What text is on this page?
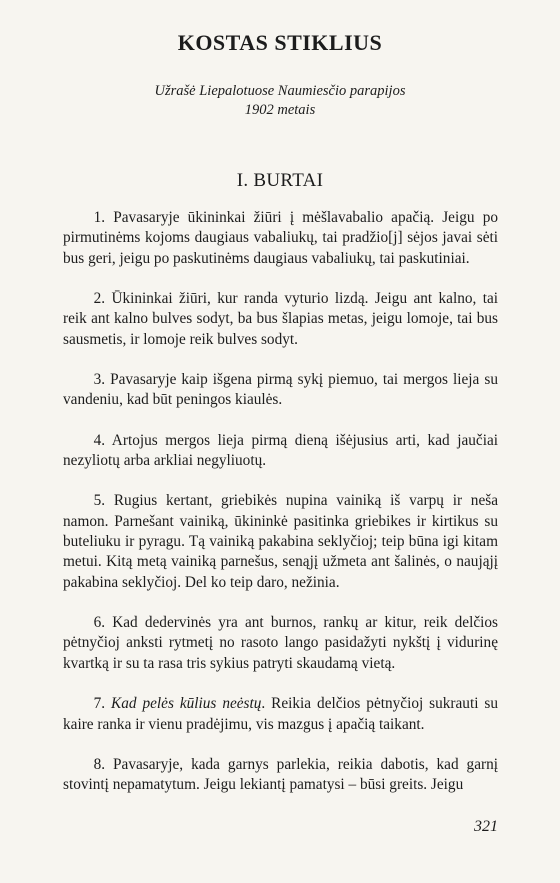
KOSTAS STIKLIUS
Užrašė Liepalotuose Naumiesčio parapijos
1902 metais
I. BURTAI

1. Pavasaryje ūkininkai žiūri į mėšlavabalio apačią. Jeigu po pirmutinėms kojoms daugiaus vabaliukų, tai pradžio[j] sėjos javai sėti bus geri, jeigu po paskutinėms daugiaus vabaliukų, tai paskutiniai.

2. Ūkininkai žiūri, kur randa vyturio lizdą. Jeigu ant kalno, tai reik ant kalno bulves sodyt, ba bus šlapias metas, jeigu lomoje, tai bus sausmetis, ir lomoje reik bulves sodyt.

3. Pavasaryje kaip išgena pirmą sykį piemuo, tai mergos lieja su vandeniu, kad būt peningos kiaulės.

4. Artojus mergos lieja pirmą dieną išėjusius arti, kad jaučiai nezyliotų arba arkliai negyliuotų.

5. Rugius kertant, griebikės nupina vainiką iš varpų ir neša namon. Parnešant vainiką, ūkininkė pasitinka griebikes ir kirtikus su buteliuku ir pyragu. Tą vainiką pakabina seklyčioj; teip būna igi kitam metui. Kitą metą vainiką parnešus, senąjį užmeta ant šalinės, o naująjį pakabina seklyčioj. Del ko teip daro, nežinia.

6. Kad dedervinės yra ant burnos, rankų ar kitur, reik delčios pėtnyčioj anksti rytmetį no rasoto lango pasidažyti nykštį į vidurinę kvartką ir su ta rasa tris sykius patryti skaudamą vietą.

7. Kad pelės kūlius neėstų. Reikia delčios pėtnyčioj sukrauti su kaire ranka ir vienu pradėjimu, vis mazgus į apačią taikant.

8. Pavasaryje, kada garnys parlekia, reikia dabotis, kad garnį stovintį nepamatytum. Jeigu lekiantį pamatysi – būsi greits. Jeigu

321
